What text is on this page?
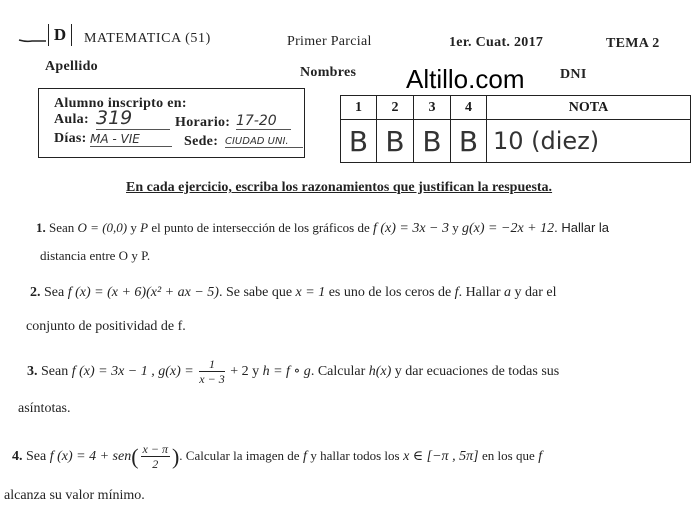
D	MATEMATICA (51)	Primer Parcial	1er. Cuat. 2017	TEMA 2
Apellido	Nombres Altillo.com	DNI
Alumno inscripto en:
Aula: 319	Horario: 17-20
Días: MA - VIE	Sede: CIUDAD UNI.
1	2	3	4	NOTA
B	B	B	B	10 (diez)
En cada ejercicio, escriba los razonamientos que justifican la respuesta.
1. Sean O = (0,0) y P el punto de intersección de los gráficos de f (x) = 3x − 3 y g(x) = −2x + 12. Hallar la
distancia entre O y P.
2. Sea f (x) = (x + 6)(x² + ax − 5). Se sabe que x = 1 es uno de los ceros de f. Hallar a y dar el
conjunto de positividad de f.
3. Sean f (x) = 3x − 1 , $g(x) = \frac{1}{x - 3} + 2$ y h = f ∘ g. Calcular h(x) y dar ecuaciones de todas sus
asíntotas.
4. Sea f $(x) = 4 + sen( \frac{x - \pi}{2}$ ). Calcular la imagen de f y hallar todos los x ∈ [−π , 5π] en los que f
alcanza su valor mínimo.
